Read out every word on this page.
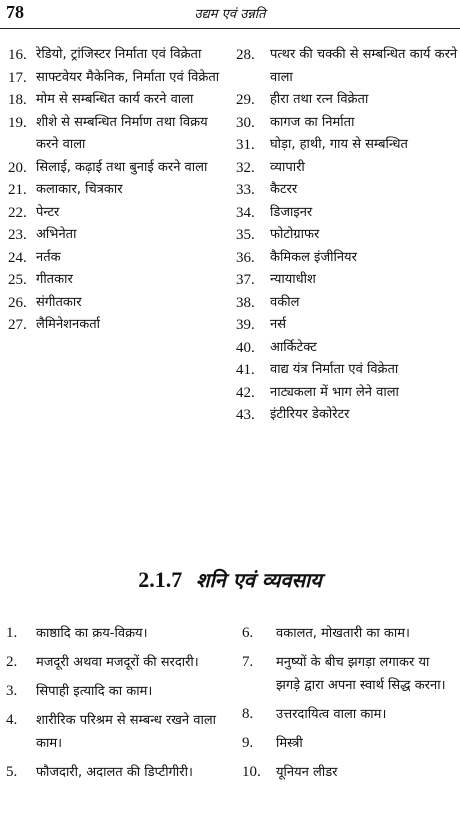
78	उद्यम एवं उन्नति
16. रेडियो, ट्रांजिस्टर निर्माता एवं विक्रेता
17. साफ्टवेयर मैकेनिक, निर्माता एवं विक्रेता
18. मोम से सम्बन्धित कार्य करने वाला
19. शीशे से सम्बन्धित निर्माण तथा विक्रय करने वाला
20. सिलाई, कढ़ाई तथा बुनाई करने वाला
21. कलाकार, चित्रकार
22. पेन्टर
23. अभिनेता
24. नर्तक
25. गीतकार
26. संगीतकार
27. लैमिनेशनकर्ता
28.	पत्थर की चक्की से सम्बन्धित कार्य करने वाला
29.	हीरा तथा रत्न विक्रेता
30.	कागज का निर्माता
31.	घोड़ा, हाथी, गाय से सम्बन्धित
32.	व्यापारी
33.	कैटरर
34.	डिजाइनर
35.	फोटोग्राफर
36.	कैमिकल इंजीनियर
37.	न्यायाधीश
38.	वकील
39.	नर्स
40.	आर्किटेक्ट
41.	वाद्य यंत्र निर्माता एवं विक्रेता
42.	नाट्यकला में भाग लेने वाला
43.	इंटीरियर डेकोरेटर
2.1.7 शनि एवं व्यवसाय
1.	काष्ठादि का क्रय-विक्रय।
2.	मजदूरी अथवा मजदूरों की सरदारी।
3.	सिपाही इत्यादि का काम।
4.	शारीरिक परिश्रम से सम्बन्ध रखने वाला काम।
5.	फौजदारी, अदालत की डिप्टीगीरी।
6.	वकालत, मोखतारी का काम।
7.	मनुष्यों के बीच झगड़ा लगाकर या झगड़े द्वारा अपना स्वार्थ सिद्ध करना।
8.	उत्तरदायित्व वाला काम।
9.	मिस्त्री
10.	यूनियन लीडर
